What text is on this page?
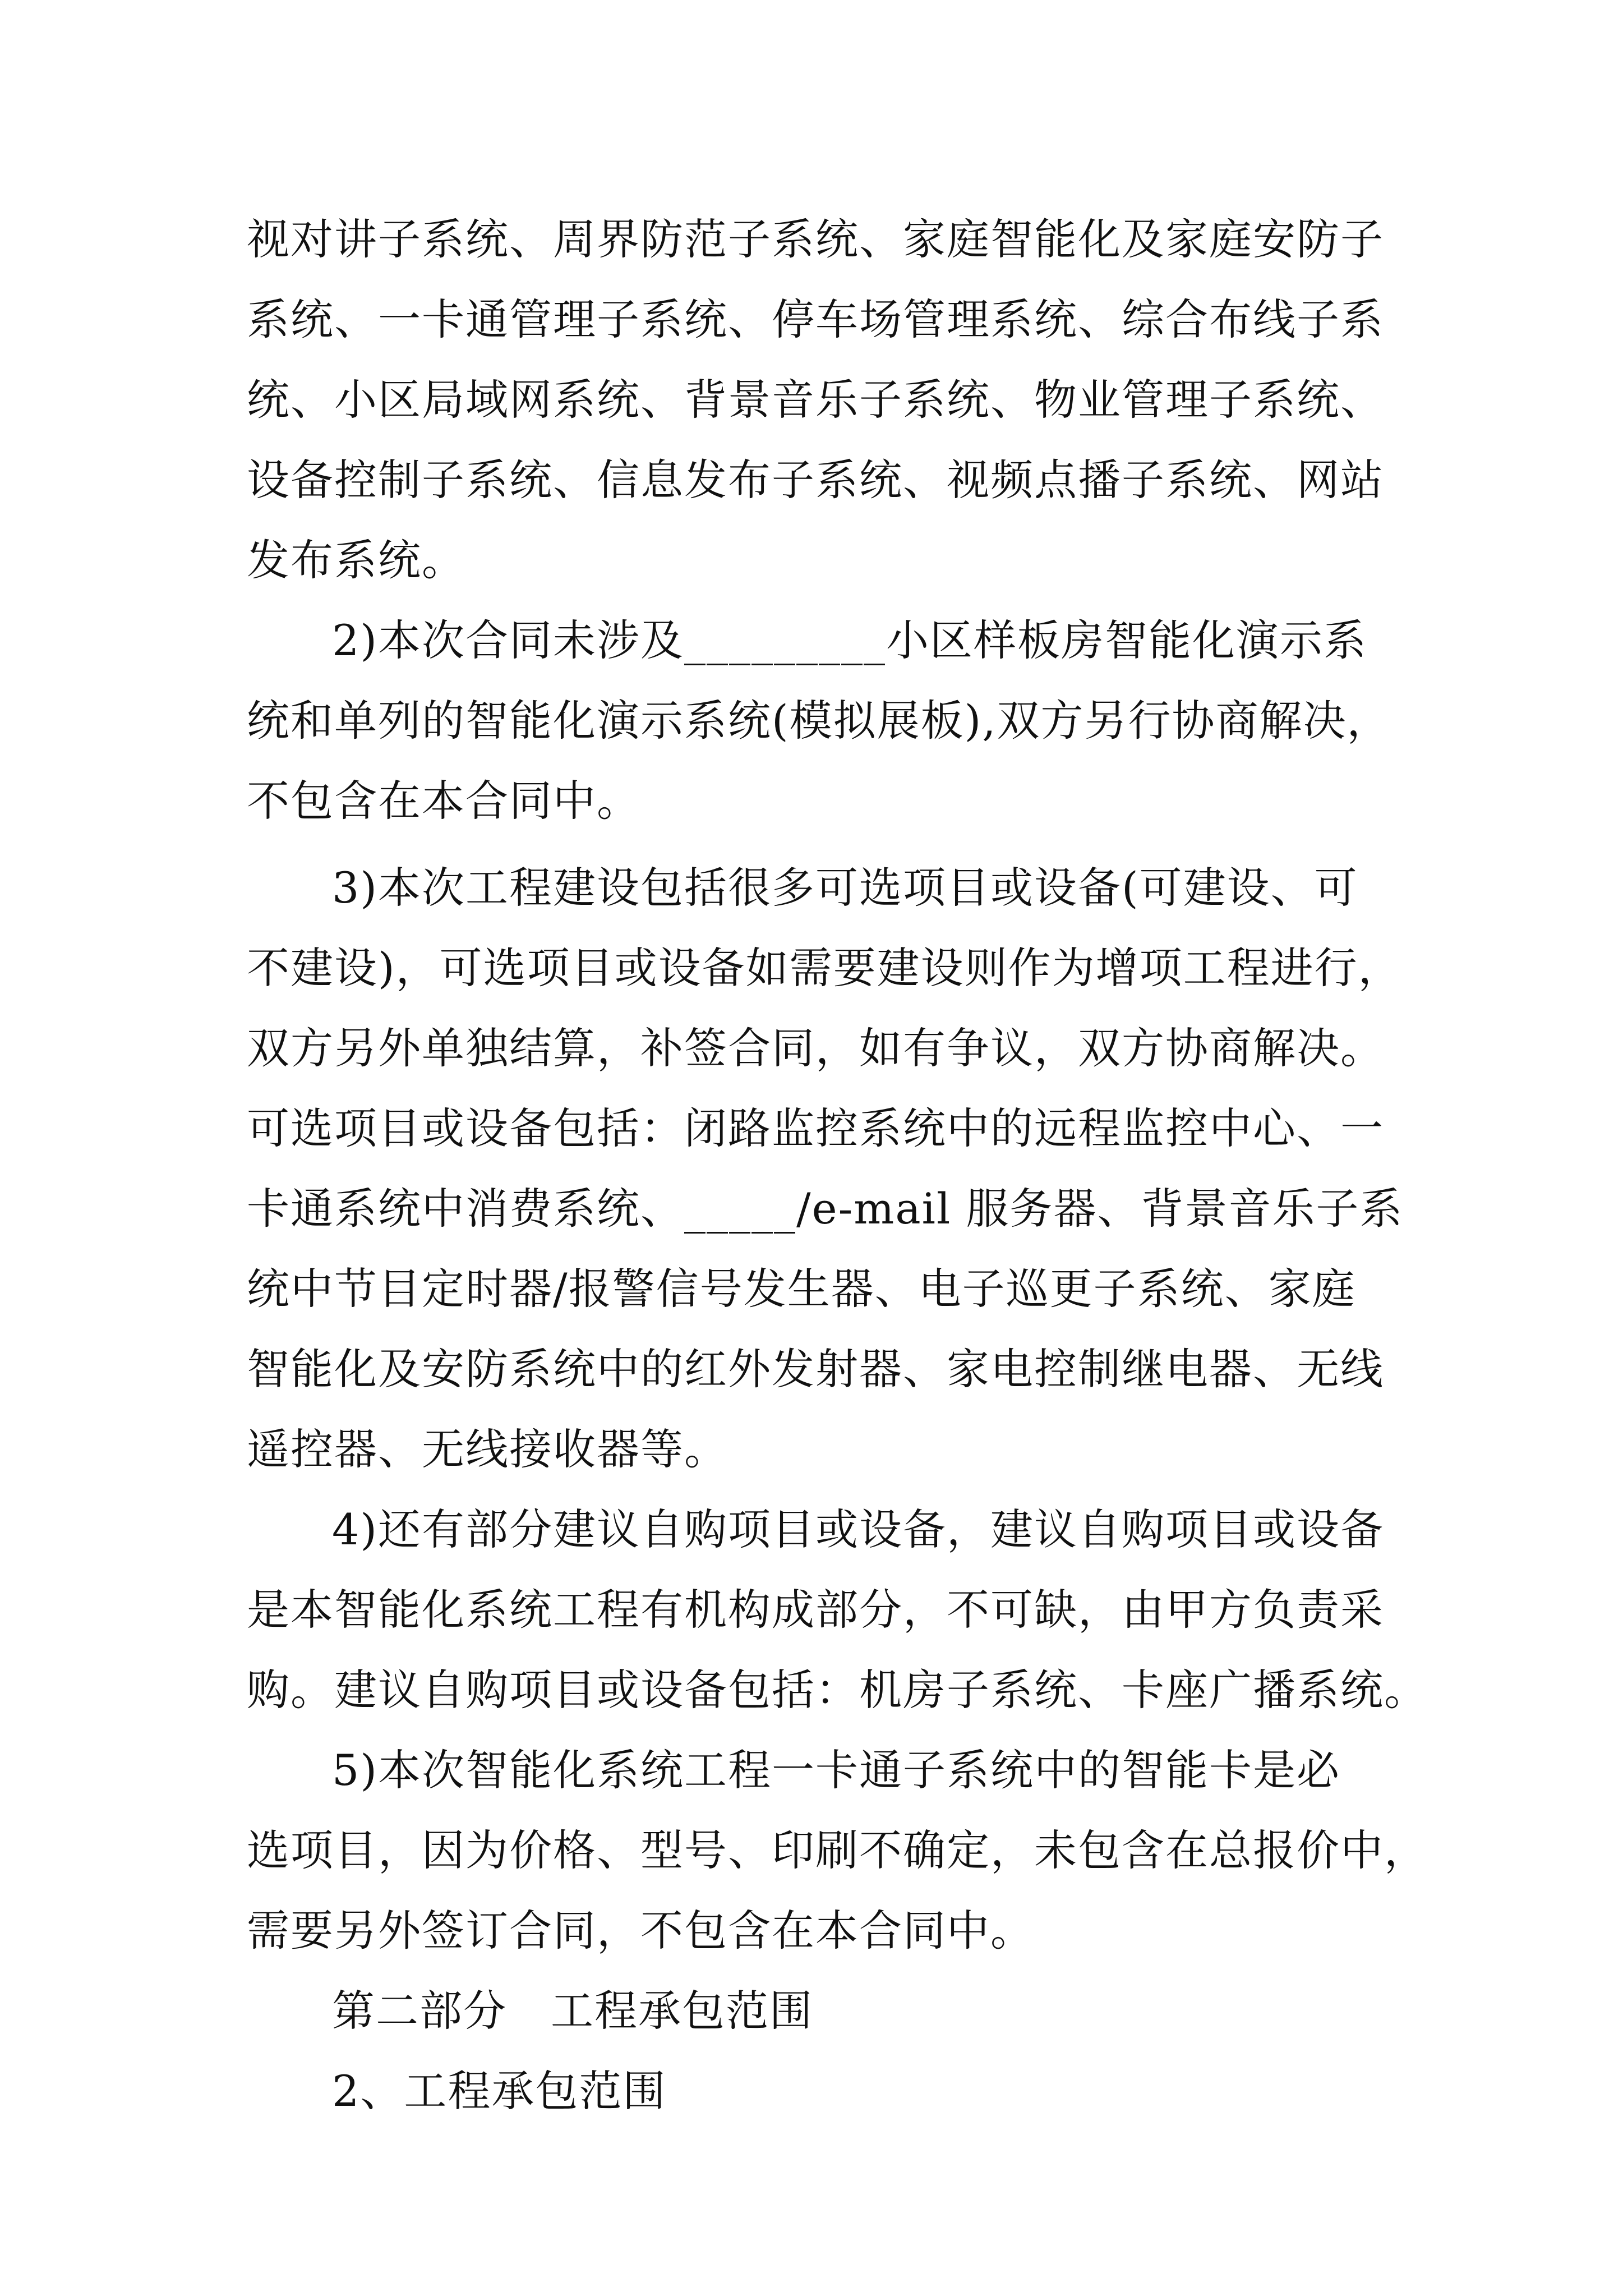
视对讲子系统、周界防范子系统、家庭智能化及家庭安防子
系统、一卡通管理子系统、停车场管理系统、综合布线子系
统、小区局域网系统、背景音乐子系统、物业管理子系统、
设备控制子系统、信息发布子系统、视频点播子系统、网站
发布系统。
2)本次合同未涉及_________小区样板房智能化演示系
统和单列的智能化演示系统(模拟展板),双方另行协商解决，
不包含在本合同中。
3)本次工程建设包括很多可选项目或设备(可建设、可
不建设)，可选项目或设备如需要建设则作为增项工程进行，
双方另外单独结算，补签合同，如有争议，双方协商解决。
可选项目或设备包括：闭路监控系统中的远程监控中心、一
卡通系统中消费系统、_____/e-mail 服务器、背景音乐子系
统中节目定时器/报警信号发生器、电子巡更子系统、家庭
智能化及安防系统中的红外发射器、家电控制继电器、无线
遥控器、无线接收器等。
4)还有部分建议自购项目或设备，建议自购项目或设备
是本智能化系统工程有机构成部分，不可缺，由甲方负责采
购。建议自购项目或设备包括：机房子系统、卡座广播系统。
5)本次智能化系统工程一卡通子系统中的智能卡是必
选项目，因为价格、型号、印刷不确定，未包含在总报价中，
需要另外签订合同，不包含在本合同中。
第二部分　工程承包范围
2、工程承包范围
